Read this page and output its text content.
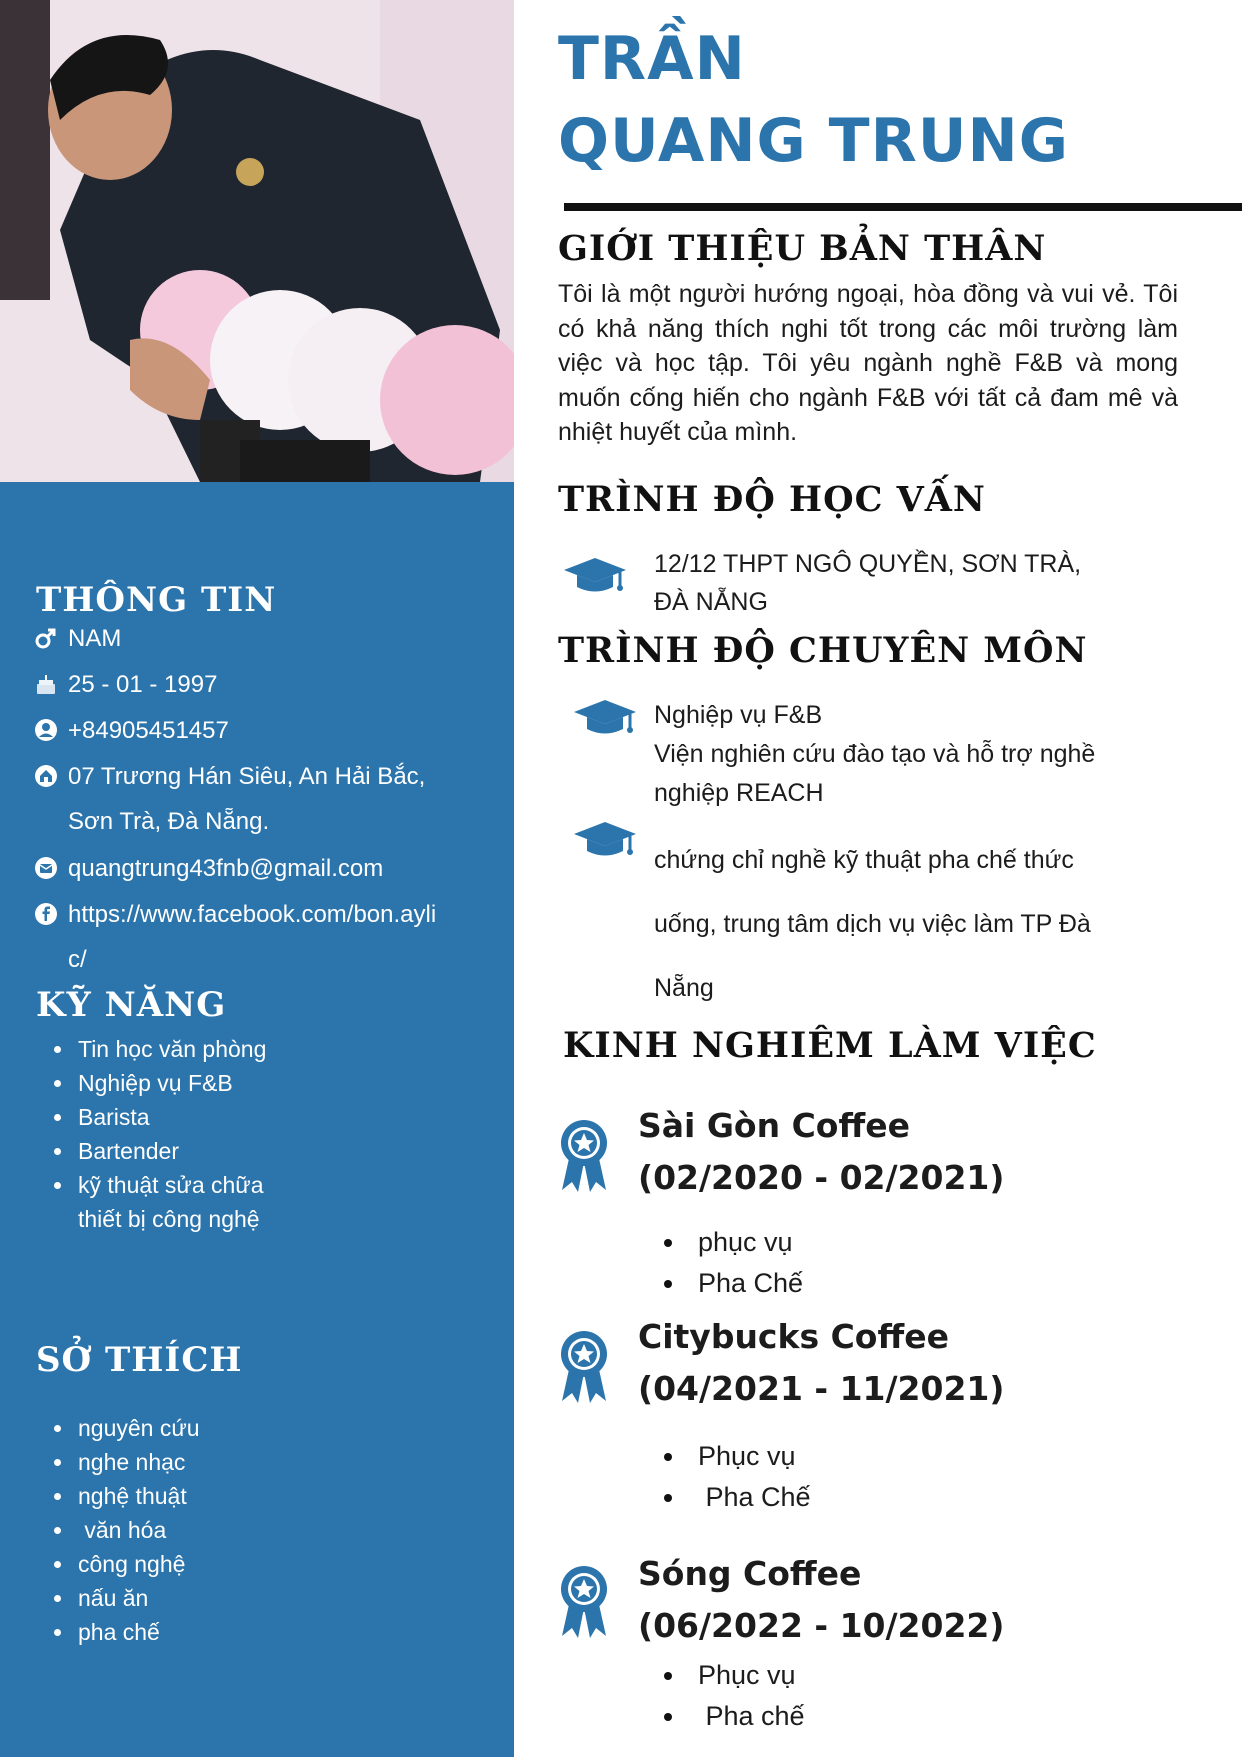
THÔNG TIN
NAM
25 - 01 - 1997
+84905451457
07 Trương Hán Siêu, An Hải Bắc,
Sơn Trà, Đà Nẵng.
quangtrung43fnb@gmail.com
https://www.facebook.com/bon.ayli
c/
KỸ NĂNG
Tin học văn phòng
Nghiệp vụ F&B
Barista
Bartender
kỹ thuật sửa chữa
thiết bị công nghệ
SỞ THÍCH
nguyên cứu
nghe nhạc
nghệ thuật
văn hóa
công nghệ
nấu ăn
pha chế
TRẦN
QUANG TRUNG
GIỚI THIỆU BẢN THÂN
Tôi là một người hướng ngoại, hòa đồng và vui vẻ. Tôi có khả năng thích nghi tốt trong các môi trường làm việc và học tập. Tôi yêu ngành nghề F&B và mong muốn cống hiến cho ngành F&B với tất cả đam mê và nhiệt huyết của mình.
TRÌNH ĐỘ HỌC VẤN
12/12 THPT NGÔ QUYỀN, SƠN TRÀ,
ĐÀ NẴNG
TRÌNH ĐỘ CHUYÊN MÔN
Nghiệp vụ F&B
Viện nghiên cứu đào tạo và hỗ trợ nghề
nghiệp REACH
chứng chỉ nghề kỹ thuật pha chế thức
uống, trung tâm dịch vụ việc làm TP Đà
Nẵng
KINH NGHIÊM LÀM VIỆC
Sài Gòn Coffee
(02/2020 - 02/2021)
phục vụ
Pha Chế
Citybucks Coffee
(04/2021 - 11/2021)
Phục vụ
Pha Chế
Sóng Coffee
(06/2022 - 10/2022)
Phục vụ
Pha chế
